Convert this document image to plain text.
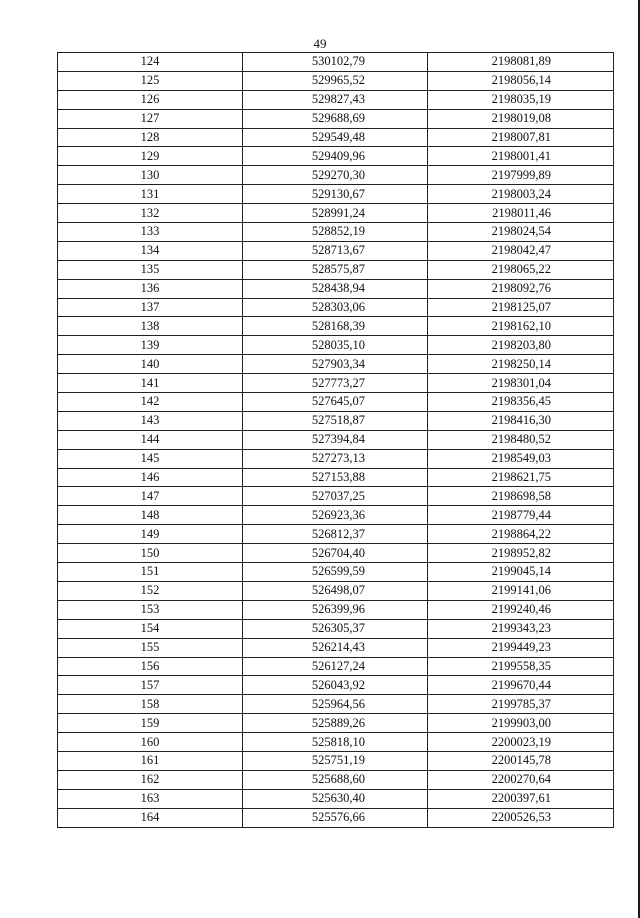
49
124	530102,79	2198081,89
125	529965,52	2198056,14
126	529827,43	2198035,19
127	529688,69	2198019,08
128	529549,48	2198007,81
129	529409,96	2198001,41
130	529270,30	2197999,89
131	529130,67	2198003,24
132	528991,24	2198011,46
133	528852,19	2198024,54
134	528713,67	2198042,47
135	528575,87	2198065,22
136	528438,94	2198092,76
137	528303,06	2198125,07
138	528168,39	2198162,10
139	528035,10	2198203,80
140	527903,34	2198250,14
141	527773,27	2198301,04
142	527645,07	2198356,45
143	527518,87	2198416,30
144	527394,84	2198480,52
145	527273,13	2198549,03
146	527153,88	2198621,75
147	527037,25	2198698,58
148	526923,36	2198779,44
149	526812,37	2198864,22
150	526704,40	2198952,82
151	526599,59	2199045,14
152	526498,07	2199141,06
153	526399,96	2199240,46
154	526305,37	2199343,23
155	526214,43	2199449,23
156	526127,24	2199558,35
157	526043,92	2199670,44
158	525964,56	2199785,37
159	525889,26	2199903,00
160	525818,10	2200023,19
161	525751,19	2200145,78
162	525688,60	2200270,64
163	525630,40	2200397,61
164	525576,66	2200526,53
